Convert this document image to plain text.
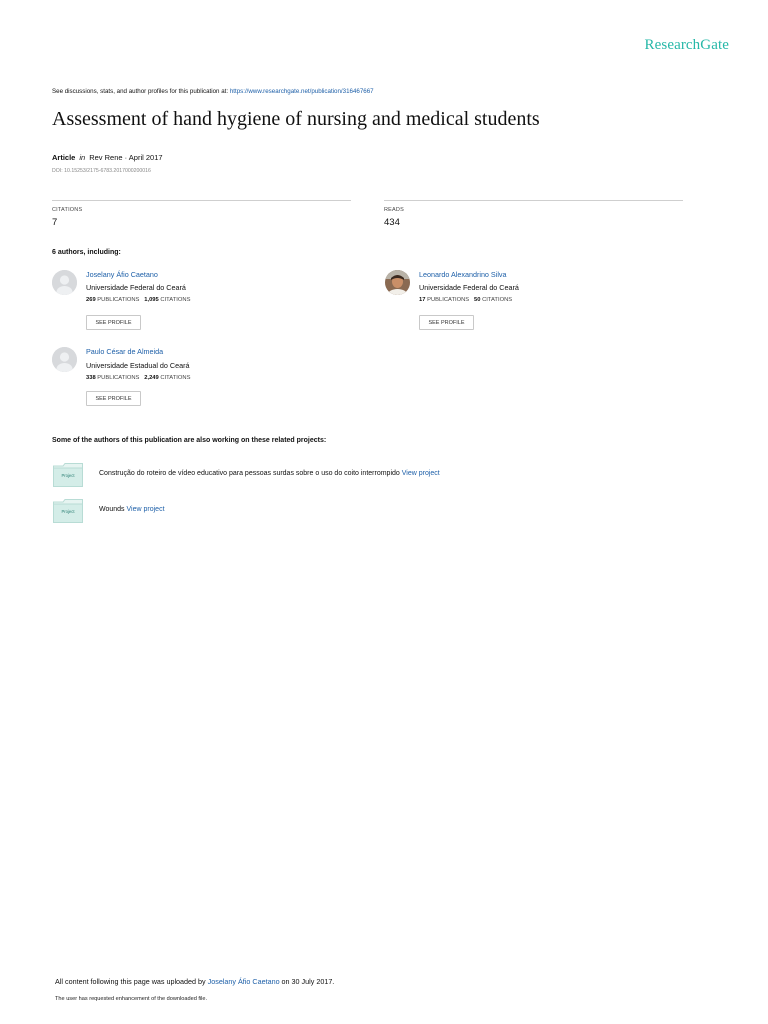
ResearchGate
See discussions, stats, and author profiles for this publication at: https://www.researchgate.net/publication/316467667
Assessment of hand hygiene of nursing and medical students
Article in Rev Rene · April 2017
DOI: 10.15253/2175-6783.2017000200016
CITATIONS
7
READS
434
6 authors, including:
Joselany Áfio Caetano
Universidade Federal do Ceará
269 PUBLICATIONS 1,095 CITATIONS
SEE PROFILE
Leonardo Alexandrino Silva
Universidade Federal do Ceará
17 PUBLICATIONS 50 CITATIONS
SEE PROFILE
Paulo César de Almeida
Universidade Estadual do Ceará
338 PUBLICATIONS 2,249 CITATIONS
SEE PROFILE
Some of the authors of this publication are also working on these related projects:
Project	Construção do roteiro de vídeo educativo para pessoas surdas sobre o uso do coito interrompido View project
Project	Wounds View project
All content following this page was uploaded by Joselany Áfio Caetano on 30 July 2017.
The user has requested enhancement of the downloaded file.
